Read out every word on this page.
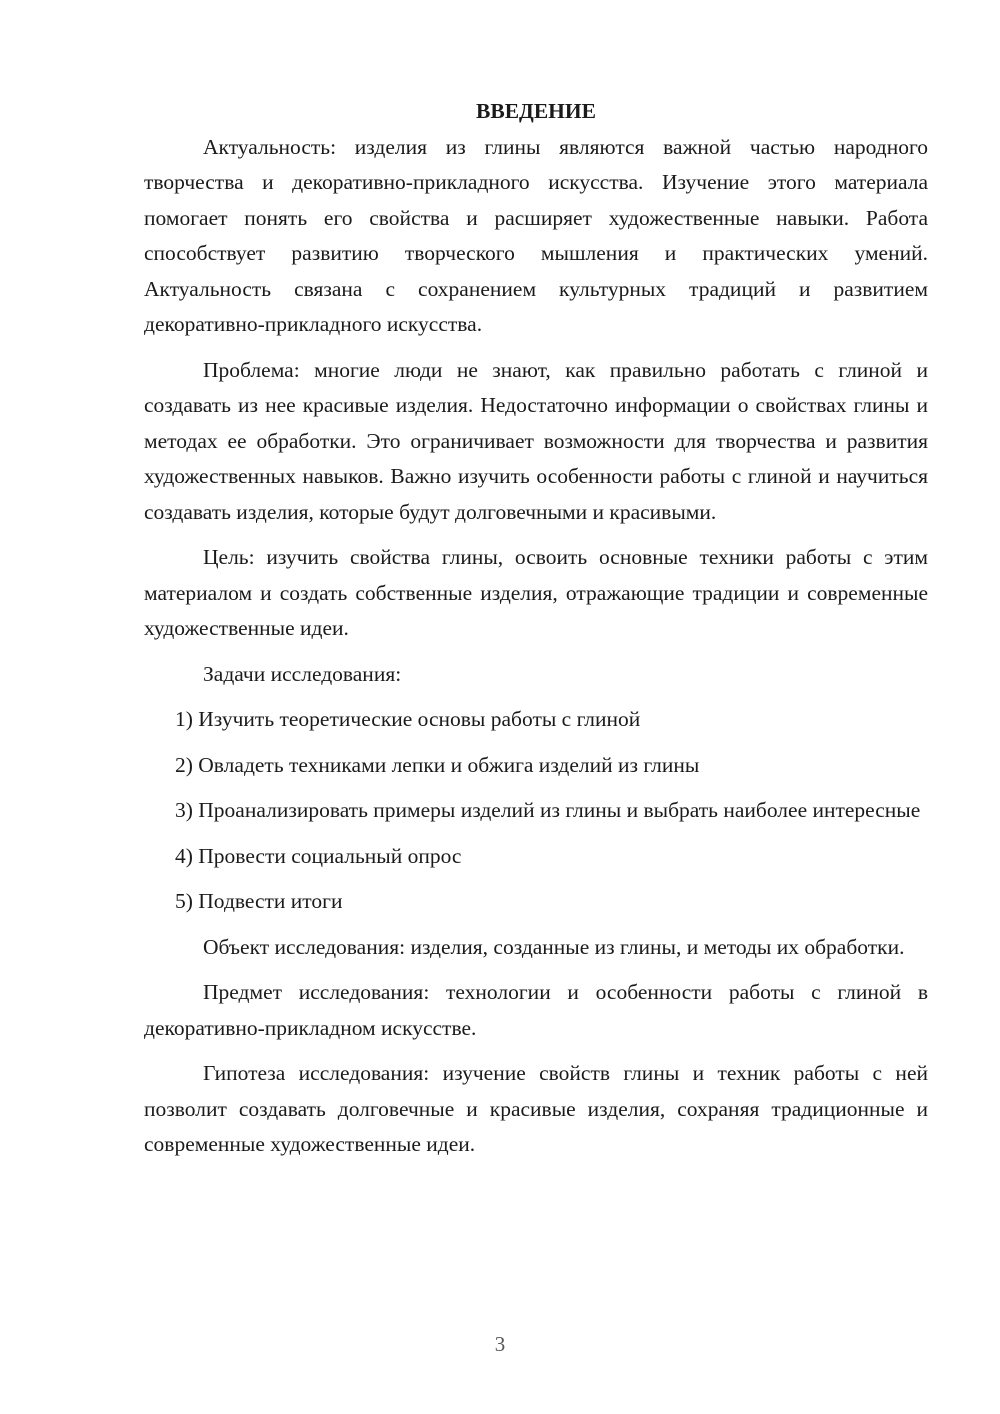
ВВЕДЕНИЕ

Актуальность: изделия из глины являются важной частью народного творчества и декоративно-прикладного искусства. Изучение этого материала помогает понять его свойства и расширяет художественные навыки. Работа способствует развитию творческого мышления и практических умений. Актуальность связана с сохранением культурных традиций и развитием декоративно-прикладного искусства.

Проблема: многие люди не знают, как правильно работать с глиной и создавать из нее красивые изделия. Недостаточно информации о свойствах глины и методах ее обработки. Это ограничивает возможности для творчества и развития художественных навыков. Важно изучить особенности работы с глиной и научиться создавать изделия, которые будут долговечными и красивыми.

Цель: изучить свойства глины, освоить основные техники работы с этим материалом и создать собственные изделия, отражающие традиции и современные художественные идеи.

Задачи исследования:

1) Изучить теоретические основы работы с глиной

2) Овладеть техниками лепки и обжига изделий из глины

3) Проанализировать примеры изделий из глины и выбрать наиболее интересные

4) Провести социальный опрос

5) Подвести итоги

Объект исследования: изделия, созданные из глины, и методы их обработки.

Предмет исследования: технологии и особенности работы с глиной в декоративно-прикладном искусстве.

Гипотеза исследования: изучение свойств глины и техник работы с ней позволит создавать долговечные и красивые изделия, сохраняя традиционные и современные художественные идеи.

3
